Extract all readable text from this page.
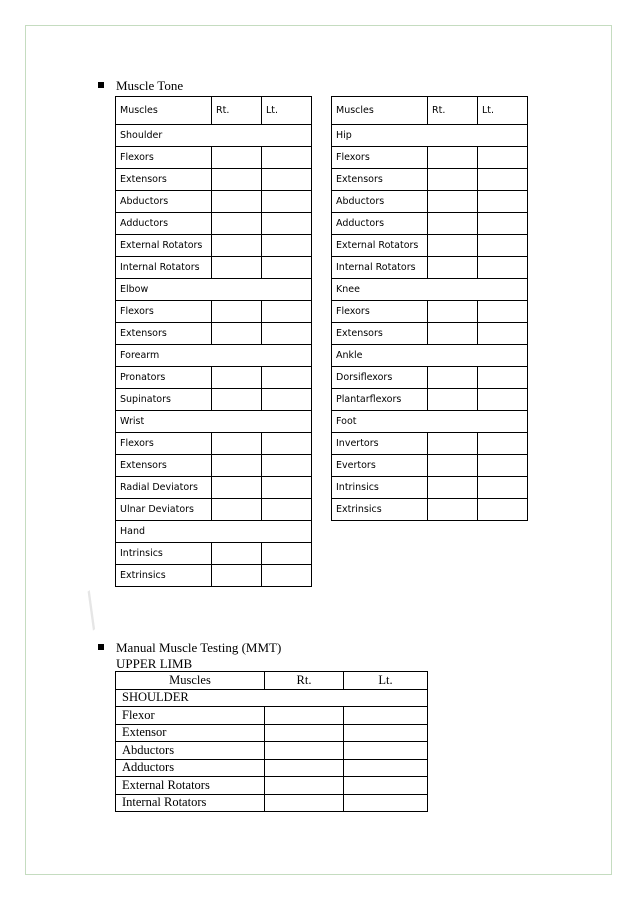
Muscle Tone
Muscles	Rt.	Lt.
Shoulder		
Flexors		
Extensors		
Abductors		
Adductors		
External Rotators		
Internal Rotators		
Elbow		
Flexors		
Extensors		
Forearm		
Pronators		
Supinators		
Wrist		
Flexors		
Extensors		
Radial Deviators		
Ulnar Deviators		
Hand		
Intrinsics		
Extrinsics		
Muscles	Rt.	Lt.
Hip		
Flexors		
Extensors		
Abductors		
Adductors		
External Rotators		
Internal Rotators		
Knee		
Flexors		
Extensors		
Ankle		
Dorsiflexors		
Plantarflexors		
Foot		
Invertors		
Evertors		
Intrinsics		
Extrinsics		
╱
Manual Muscle Testing (MMT)
UPPER LIMB
Muscles	Rt.	Lt.
SHOULDER		
Flexor		
Extensor		
Abductors		
Adductors		
External Rotators		
Internal Rotators		
